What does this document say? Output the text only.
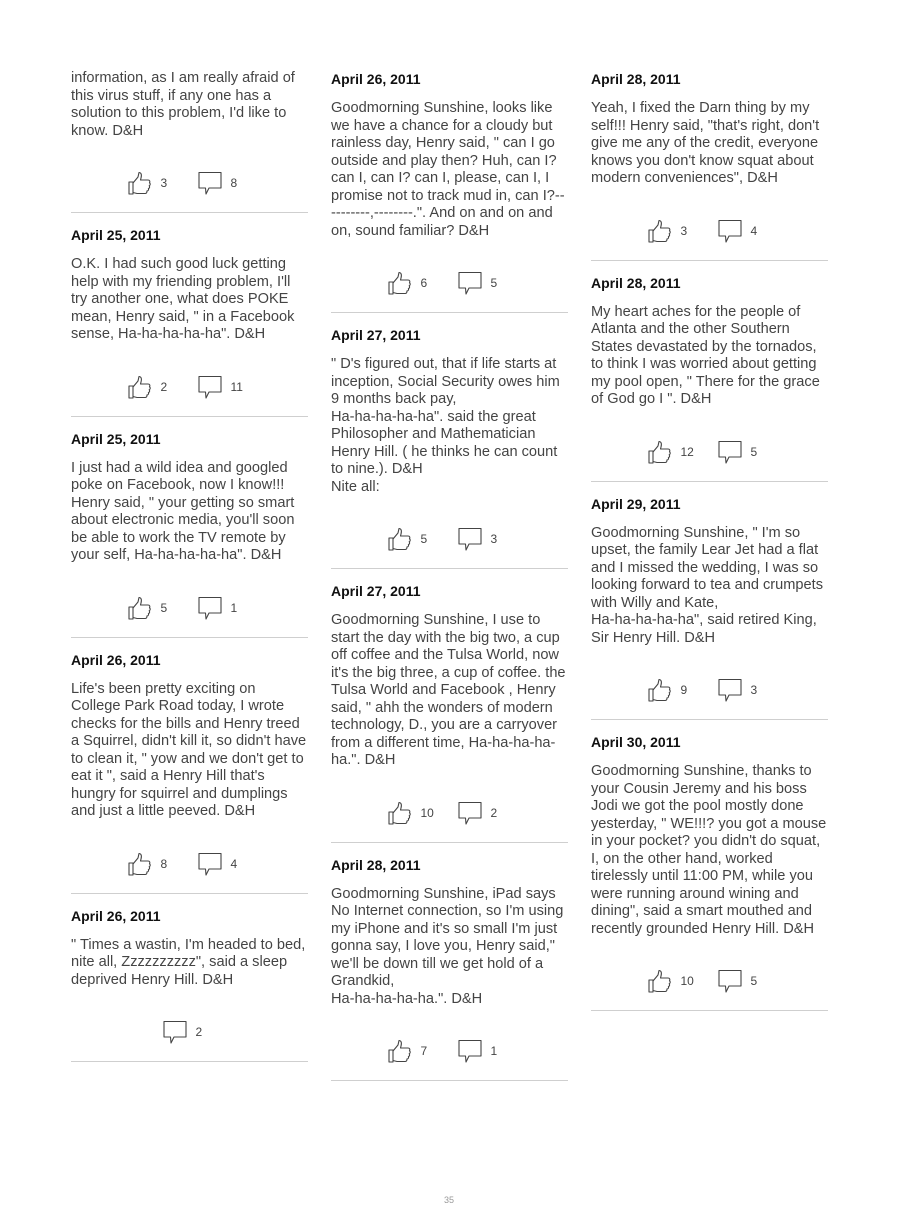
information, as I am really afraid of this virus stuff, if any one has a solution to this problem, I'd like to know. D&H
3	8
April 25, 2011
O.K. I had such good luck getting help with my friending problem, I'll try another one, what does POKE mean, Henry said, " in a Facebook sense, Ha-ha-ha-ha-ha". D&H
2	11
April 25, 2011
I just had a wild idea and googled poke on Facebook, now I know!!! Henry said, " your getting so smart about electronic media, you'll soon be able to work the TV remote by your self, Ha-ha-ha-ha-ha". D&H
5	1
April 26, 2011
Life's been pretty exciting on College Park Road today, I wrote checks for the bills and Henry treed a Squirrel, didn't kill it, so didn't have to clean it, " yow and we don't get to eat it ", said a Henry Hill that's hungry for squirrel and dumplings and just a little peeved. D&H
8	4
April 26, 2011
" Times a wastin, I'm headed to bed, nite all, Zzzzzzzzzz", said a sleep deprived Henry Hill. D&H
2
April 26, 2011
Goodmorning Sunshine, looks like we have a chance for a cloudy but rainless day, Henry said, " can I go outside and play then? Huh, can I? can I, can I? can I, please, can I, I promise not to track mud in, can I?----------,--------.". And on and on and on, sound familiar? D&H
6	5
April 27, 2011
" D's figured out, that if life starts at inception, Social Security owes him 9 months back pay,
Ha-ha-ha-ha-ha". said the great Philosopher and Mathematician Henry Hill. ( he thinks he can count to nine.). D&H
Nite all:
5	3
April 27, 2011
Goodmorning Sunshine, I use to start the day with the big two, a cup off coffee and the Tulsa World, now it's the big three, a cup of coffee. the Tulsa World and Facebook , Henry said, " ahh the wonders of modern technology, D., you are a carryover from a different time, Ha-ha-ha-ha-ha.". D&H
10	2
April 28, 2011
Goodmorning Sunshine, iPad says No Internet connection, so I'm using my iPhone and it's so small I'm just gonna say, I love you, Henry said," we'll be down till we get hold of a Grandkid,
Ha-ha-ha-ha-ha.". D&H
7	1
April 28, 2011
Yeah, I fixed the Darn thing by my self!!! Henry said, "that's right, don't give me any of the credit, everyone knows you don't know squat about modern conveniences", D&H
3	4
April 28, 2011
My heart aches for the people of Atlanta and the other Southern States devastated by the tornados, to think I was worried about getting my pool open, " There for the grace of God go I ". D&H
12	5
April 29, 2011
Goodmorning Sunshine, " I'm so upset, the family Lear Jet had a flat and I missed the wedding, I was so looking forward to tea and crumpets with Willy and Kate,
Ha-ha-ha-ha-ha", said retired King, Sir Henry Hill. D&H
9	3
April 30, 2011
Goodmorning Sunshine, thanks to your Cousin Jeremy and his boss Jodi we got the pool mostly done yesterday, " WE!!!? you got a mouse in your pocket? you didn't do squat, I, on the other hand, worked tirelessly until 11:00 PM, while you were running around wining and dining", said a smart mouthed and recently grounded Henry Hill. D&H
10	5
35
